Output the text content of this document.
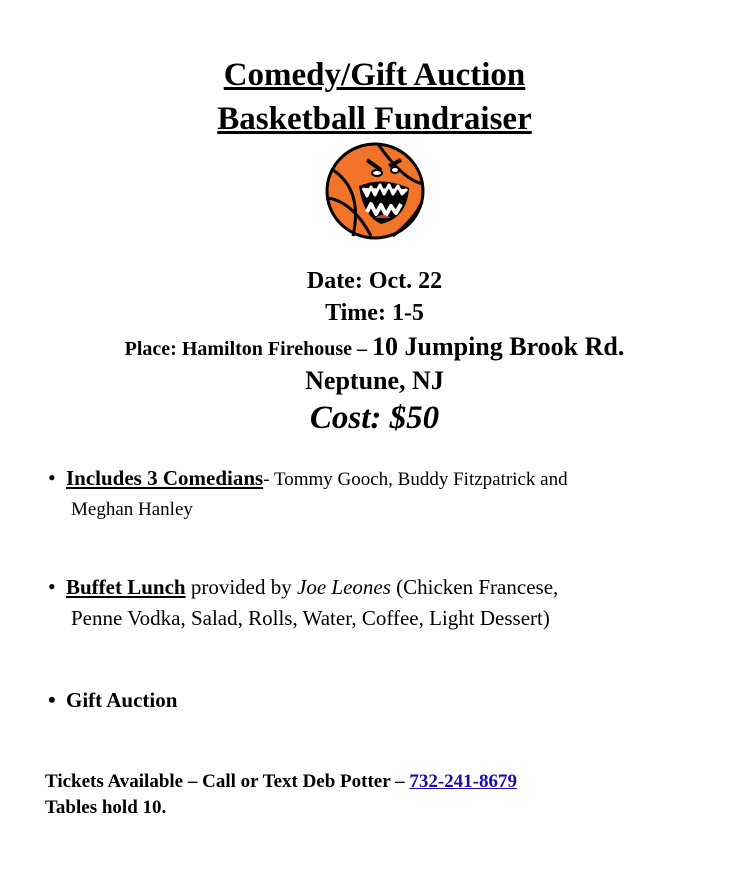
Comedy/Gift Auction
Basketball Fundraiser
Date: Oct. 22
Time: 1-5
Place: Hamilton Firehouse – 10 Jumping Brook Rd.
Neptune, NJ
Cost: $50
• Includes 3 Comedians- Tommy Gooch, Buddy Fitzpatrick and
Meghan Hanley
• Buffet Lunch provided by Joe Leones (Chicken Francese,
Penne Vodka, Salad, Rolls, Water, Coffee, Light Dessert)
• Gift Auction
Tickets Available – Call or Text Deb Potter – 732-241-8679
Tables hold 10.
